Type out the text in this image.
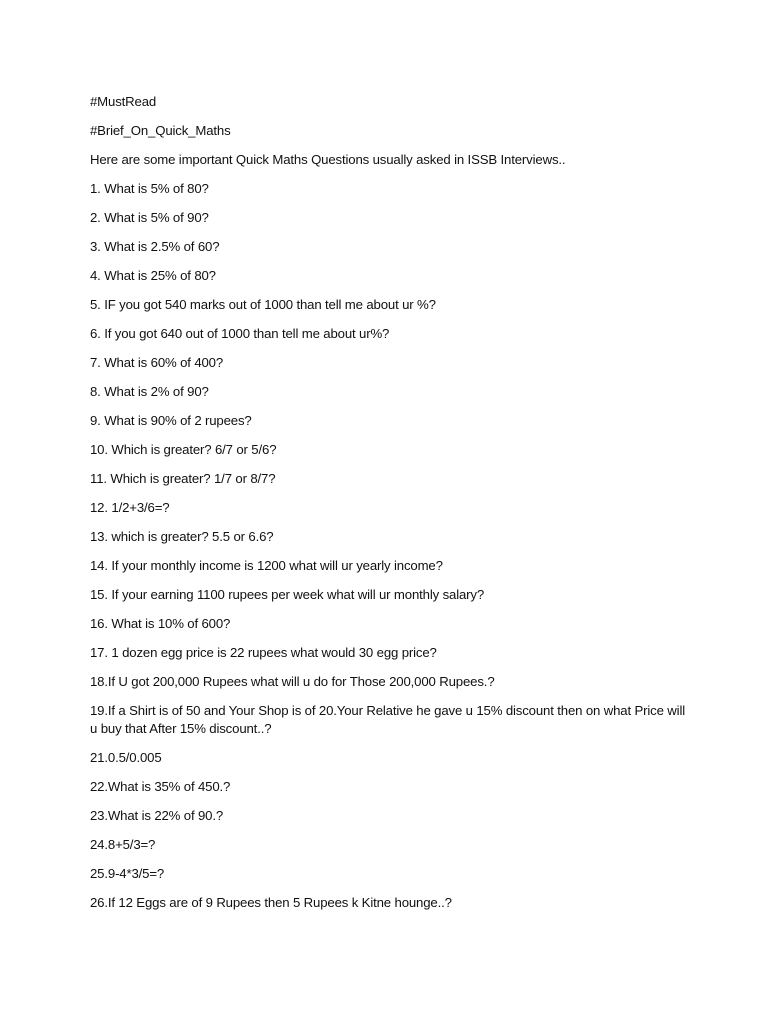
#MustRead

#Brief_On_Quick_Maths

Here are some important Quick Maths Questions usually asked in ISSB Interviews..

1. What is 5% of 80?

2. What is 5% of 90?

3. What is 2.5% of 60?

4. What is 25% of 80?

5. IF you got 540 marks out of 1000 than tell me about ur %?

6. If you got 640 out of 1000 than tell me about ur%?

7. What is 60% of 400?

8. What is 2% of 90?

9. What is 90% of 2 rupees?

10. Which is greater? 6/7 or 5/6?

11. Which is greater? 1/7 or 8/7?

12. 1/2+3/6=?

13. which is greater? 5.5 or 6.6?

14. If your monthly income is 1200 what will ur yearly income?

15. If your earning 1100 rupees per week what will ur monthly salary?

16. What is 10% of 600?

17. 1 dozen egg price is 22 rupees what would 30 egg price?

18.If U got 200,000 Rupees what will u do for Those 200,000 Rupees.?

19.If a Shirt is of 50 and Your Shop is of 20.Your Relative he gave u 15% discount then on what Price will u buy that After 15% discount..?

21.0.5/0.005

22.What is 35% of 450.?

23.What is 22% of 90.?

24.8+5/3=?

25.9-4*3/5=?

26.If 12 Eggs are of 9 Rupees then 5 Rupees k Kitne hounge..?
